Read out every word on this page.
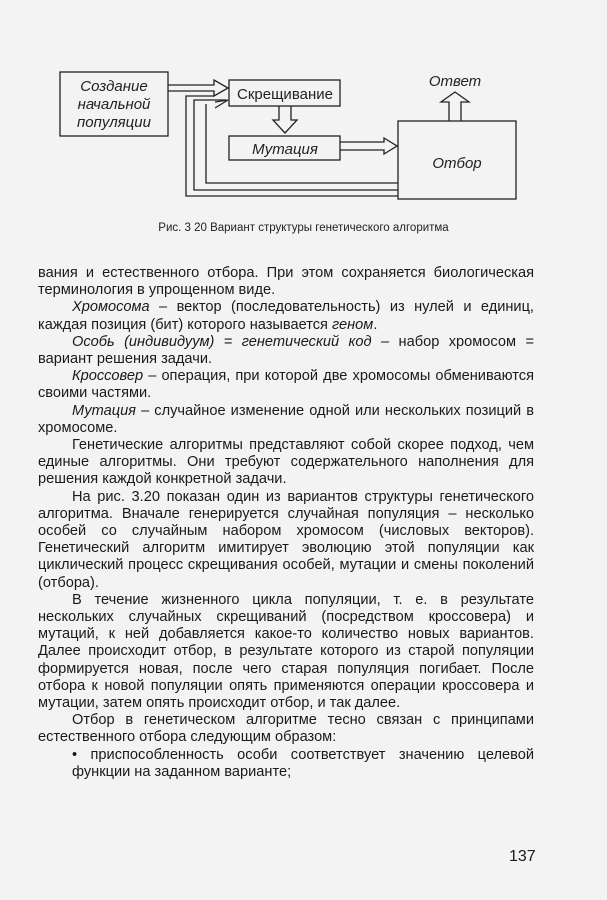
Создание
начальной
популяции
Скрещивание
Мутация
Отбор
Ответ
Рис. 3 20 Вариант структуры генетического алгоритма

вания и естественного отбора. При этом сохраняется биологическая терминология в упрощенном виде.

Хромосома – вектор (последовательность) из нулей и единиц, каждая позиция (бит) которого называется геном.

Особь (индивидуум) = генетический код – набор хромосом = вариант решения задачи.

Кроссовер – операция, при которой две хромосомы обмениваются своими частями.

Мутация – случайное изменение одной или нескольких позиций в хромосоме.

Генетические алгоритмы представляют собой скорее подход, чем единые алгоритмы. Они требуют содержательного наполнения для решения каждой конкретной задачи.

На рис. 3.20 показан один из вариантов структуры генетического алгоритма. Вначале генерируется случайная популяция – несколько особей со случайным набором хромосом (числовых векторов). Генетический алгоритм имитирует эволюцию этой популяции как циклический процесс скрещивания особей, мутации и смены поколений (отбора).

В течение жизненного цикла популяции, т. е. в результате нескольких случайных скрещиваний (посредством кроссовера) и мутаций, к ней добавляется какое-то количество новых вариантов. Далее происходит отбор, в результате которого из старой популяции формируется новая, после чего старая популяция погибает. После отбора к новой популяции опять применяются операции кроссовера и мутации, затем опять происходит отбор, и так далее.

Отбор в генетическом алгоритме тесно связан с принципами естественного отбора следующим образом:

• приспособленность особи соответствует значению целевой функции на заданном варианте;

137
